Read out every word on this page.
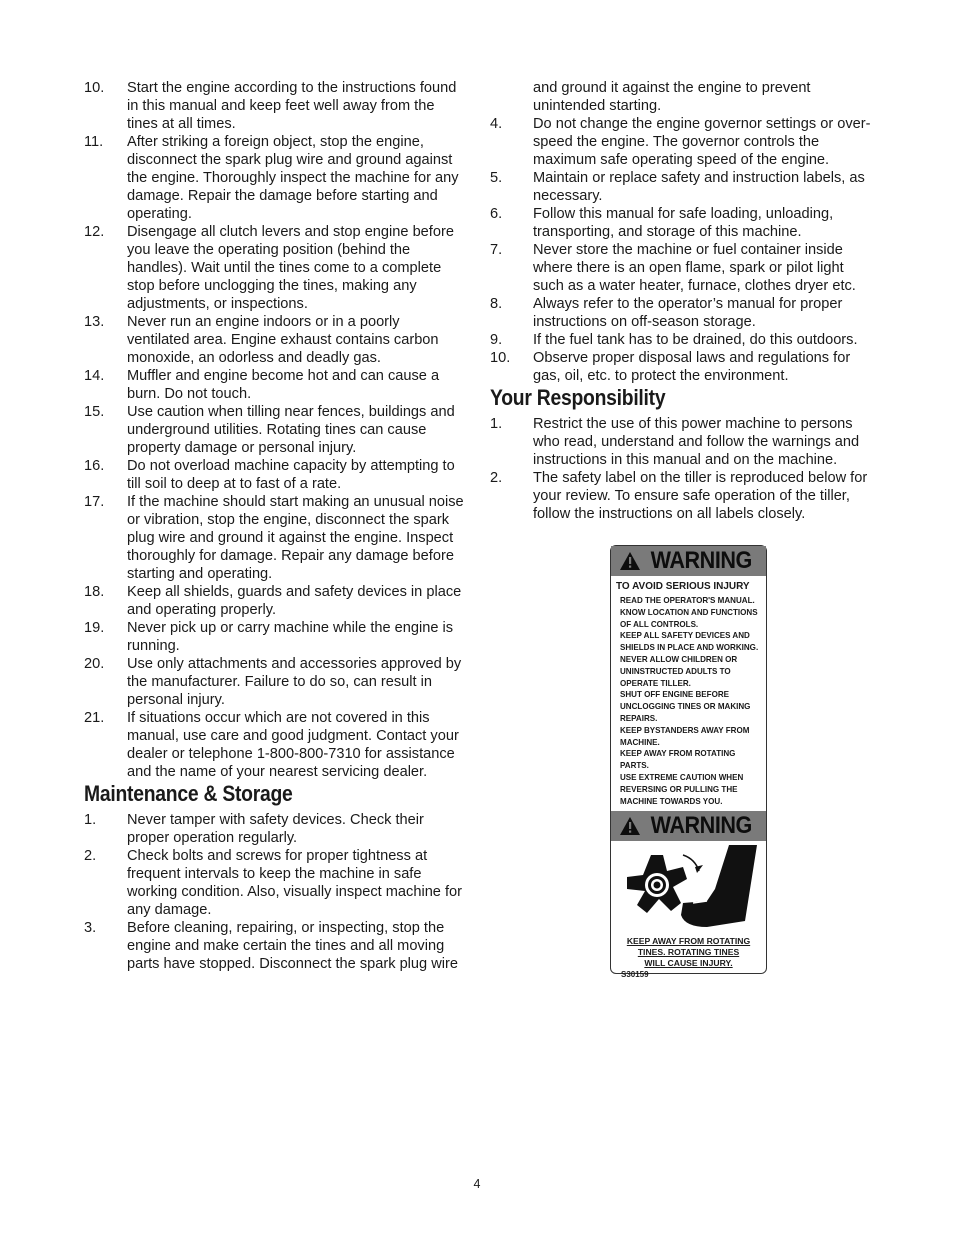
10.	Start the engine according to the instructions found in this manual and keep feet well away from the tines at all times.
11.	After striking a foreign object, stop the engine, disconnect the spark plug wire and ground against the engine. Thoroughly inspect the machine for any damage. Repair the damage before starting and operating.
12.	Disengage all clutch levers and stop engine before you leave the operating position (behind the handles). Wait until the tines come to a complete stop before unclogging the tines, making any adjustments, or inspections.
13.	Never run an engine indoors or in a poorly ventilated area. Engine exhaust contains carbon monoxide, an odorless and deadly gas.
14.	Muffler and engine become hot and can cause a burn. Do not touch.
15.	Use caution when tilling near fences, buildings and underground utilities. Rotating tines can cause property damage or personal injury.
16.	Do not overload machine capacity by attempting to till soil to deep at to fast of a rate.
17.	If the machine should start making an unusual noise or vibration, stop the engine, disconnect the spark plug wire and ground it against the engine. Inspect thoroughly for damage. Repair any damage before starting and operating.
18.	Keep all shields, guards and safety devices in place and operating properly.
19.	Never pick up or carry machine while the engine is running.
20.	Use only attachments and accessories approved by the manufacturer. Failure to do so, can result in personal injury.
21.	If situations occur which are not covered in this manual, use care and good judgment. Contact your dealer or telephone 1-800-800-7310 for assistance and the name of your nearest servicing dealer.
Maintenance & Storage
1.	Never tamper with safety devices. Check their proper operation regularly.
2.	Check bolts and screws for proper tightness at frequent intervals to keep the machine in safe working condition. Also, visually inspect machine for any damage.
3.	Before cleaning, repairing, or inspecting, stop the engine and make certain the tines and all moving parts have stopped. Disconnect the spark plug wire
and ground it against the engine to prevent unintended starting.
4.	Do not change the engine governor settings or over-speed the engine. The governor controls the maximum safe operating speed of the engine.
5.	Maintain or replace safety and instruction labels, as necessary.
6.	Follow this manual for safe loading, unloading, transporting, and storage of this machine.
7.	Never store the machine or fuel container inside where there is an open flame, spark or pilot light such as a water heater, furnace, clothes dryer etc.
8.	Always refer to the operator’s manual for proper instructions on off-season storage.
9.	If the fuel tank has to be drained, do this outdoors.
10.	Observe proper disposal laws and regulations for gas, oil, etc. to protect the environment.
Your Responsibility
1.	Restrict the use of this power machine to persons who read, understand and follow the warnings and instructions in this manual and on the machine.
2.	The safety label on the tiller is reproduced below for your review. To ensure safe operation of the tiller, follow the instructions on all labels closely.
WARNING
TO AVOID SERIOUS INJURY
READ THE OPERATOR'S MANUAL.
KNOW LOCATION AND FUNCTIONS
OF ALL CONTROLS.
KEEP ALL SAFETY DEVICES AND
SHIELDS IN PLACE AND WORKING.
NEVER ALLOW CHILDREN OR
UNINSTRUCTED ADULTS TO
OPERATE TILLER.
SHUT OFF ENGINE BEFORE
UNCLOGGING TINES OR MAKING
REPAIRS.
KEEP BYSTANDERS AWAY FROM
MACHINE.
KEEP AWAY FROM ROTATING
PARTS.
USE EXTREME CAUTION WHEN
REVERSING OR PULLING THE
MACHINE TOWARDS YOU.
WARNING
KEEP AWAY FROM ROTATING
TINES. ROTATING TINES
WILL CAUSE INJURY.
S30159
4
